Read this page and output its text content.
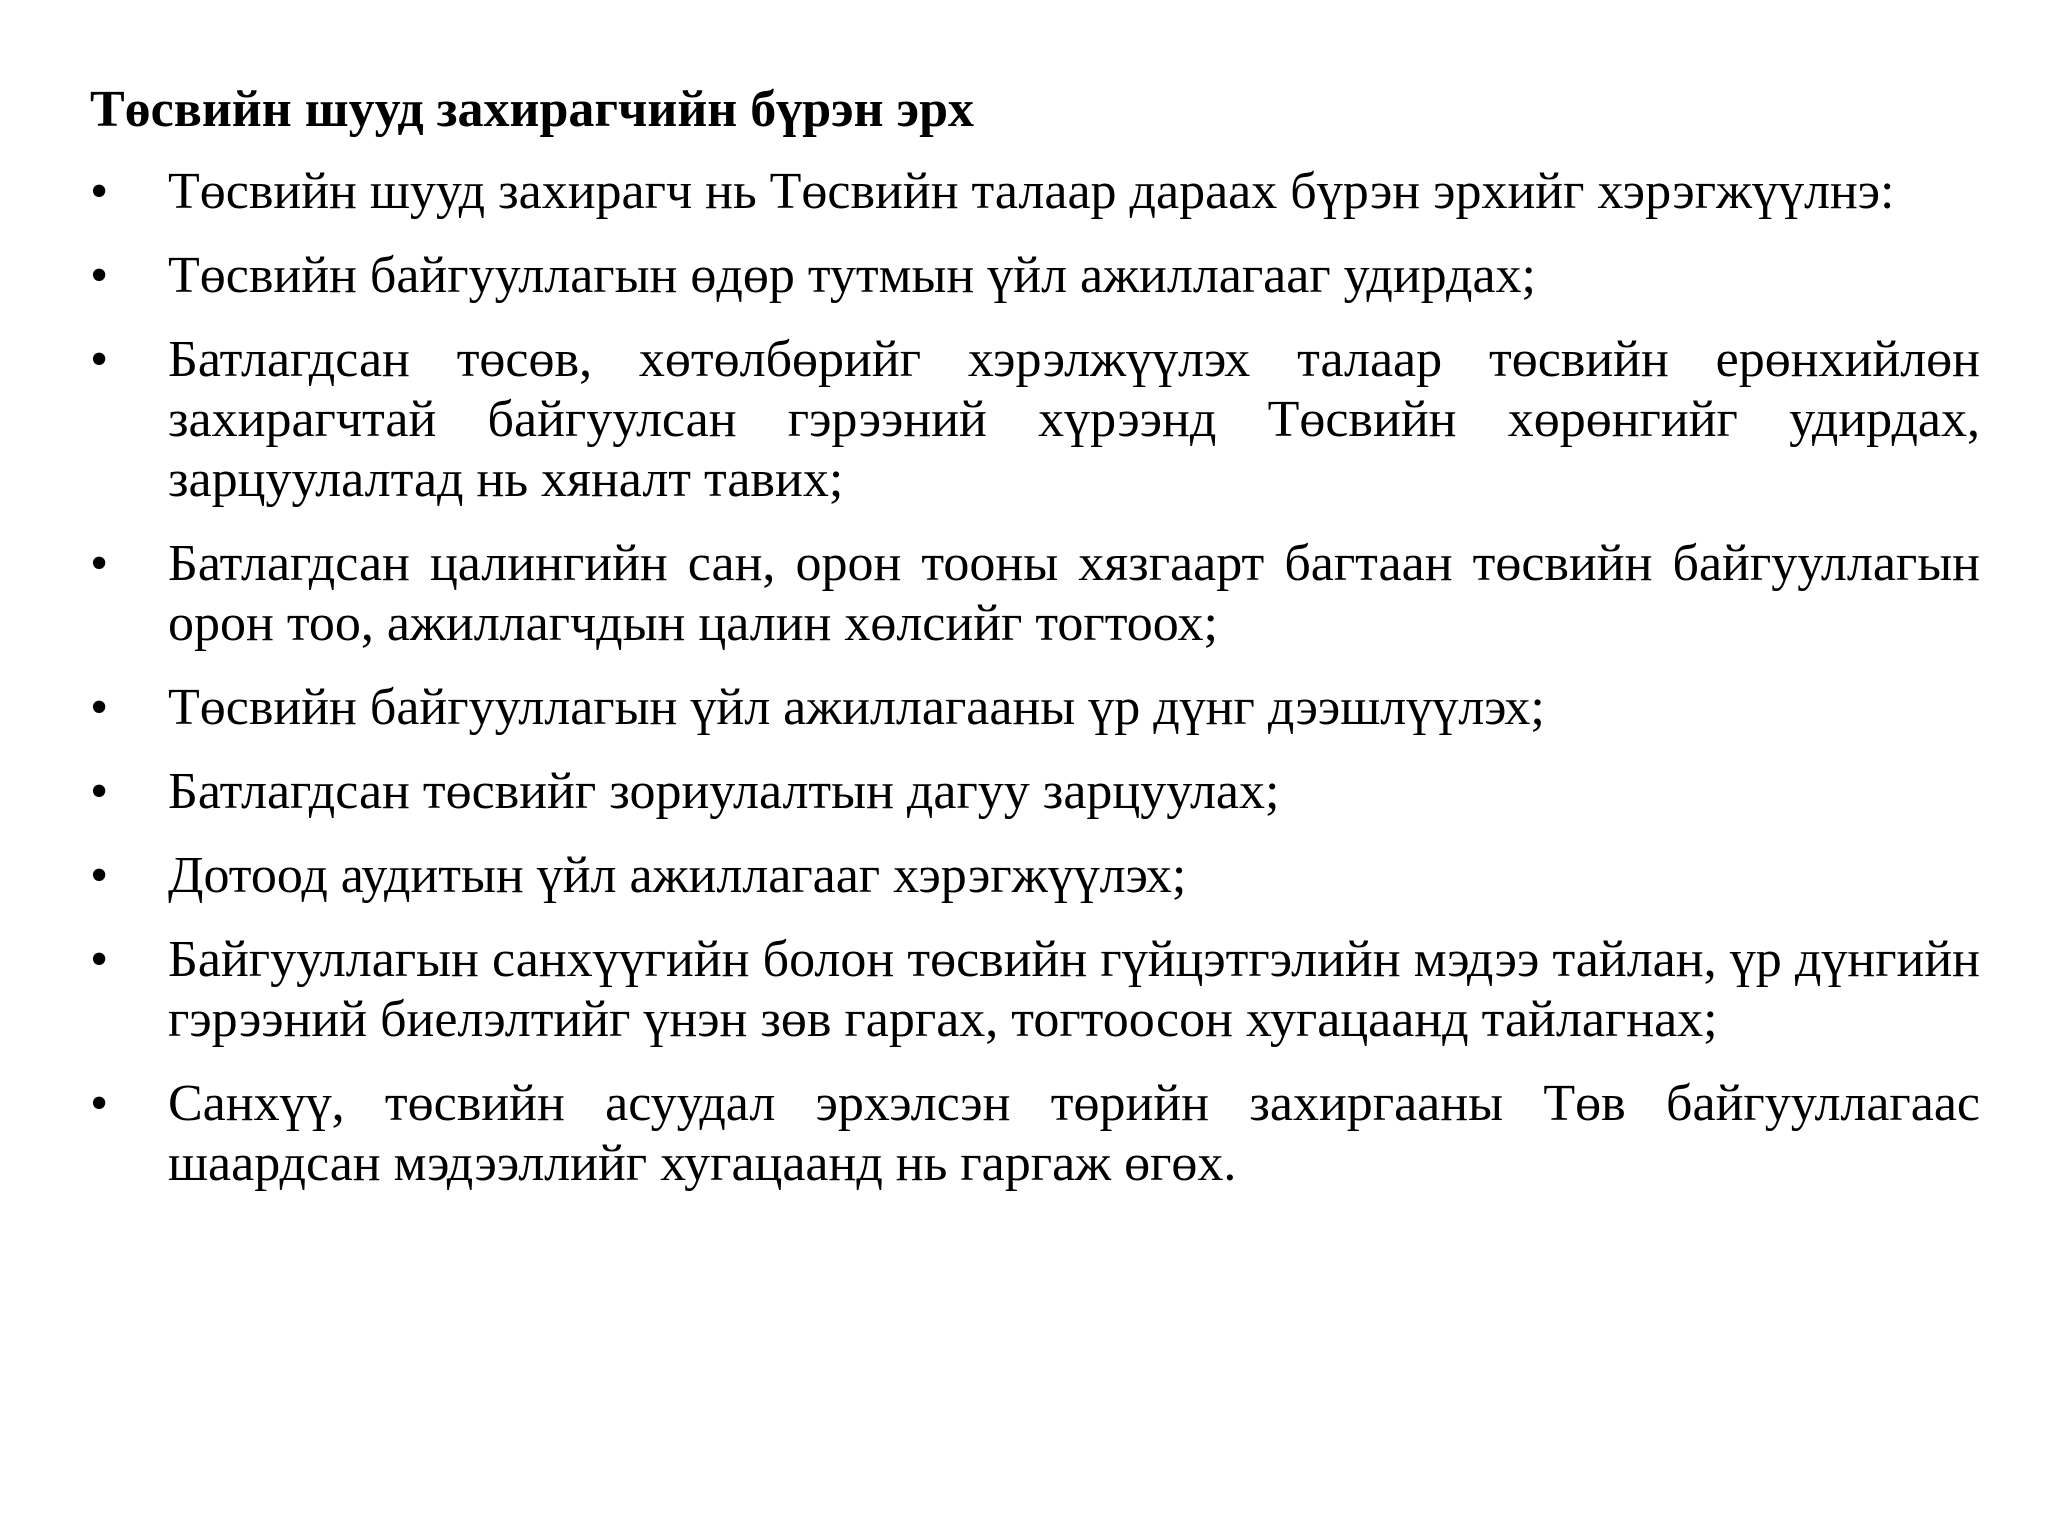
Төсвийн шууд захирагчийн бүрэн эрх
•	Төсвийн шууд захирагч нь Төсвийн талаар дараах бүрэн эрхийг хэрэгжүүлнэ:
•	Төсвийн байгууллагын өдөр тутмын үйл ажиллагааг удирдах;
•	Батлагдсан төсөв, хөтөлбөрийг хэрэлжүүлэх талаар төсвийн ерөнхийлөн захирагчтай байгуулсан гэрээний хүрээнд Төсвийн хөрөнгийг удирдах, зарцуулалтад нь хяналт тавих;
•	Батлагдсан цалингийн сан, орон тооны хязгаарт багтаан төсвийн байгууллагын орон тоо, ажиллагчдын цалин хөлсийг тогтоох;
•	Төсвийн байгууллагын үйл ажиллагааны үр дүнг дээшлүүлэх;
•	Батлагдсан төсвийг зориулалтын дагуу зарцуулах;
•	Дотоод аудитын үйл ажиллагааг хэрэгжүүлэх;
•	Байгууллагын санхүүгийн болон төсвийн гүйцэтгэлийн мэдээ тайлан, үр дүнгийн гэрээний биелэлтийг үнэн зөв гаргах, тогтоосон хугацаанд тайлагнах;
•	Санхүү, төсвийн асуудал эрхэлсэн төрийн захиргааны Төв байгууллагаас шаардсан мэдээллийг хугацаанд нь гаргаж өгөх.
